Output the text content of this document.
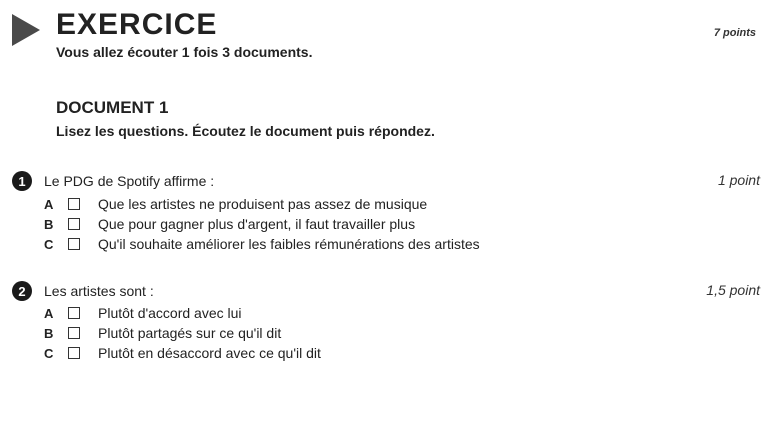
EXERCICE
Vous allez écouter 1 fois 3 documents.
7 points
DOCUMENT 1
Lisez les questions. Écoutez le document puis répondez.
1	Le PDG de Spotify affirme :	1 point
A	Que les artistes ne produisent pas assez de musique
B	Que pour gagner plus d'argent, il faut travailler plus
C	Qu'il souhaite améliorer les faibles rémunérations des artistes
2	Les artistes sont :	1,5 point
A	Plutôt d'accord avec lui
B	Plutôt partagés sur ce qu'il dit
C	Plutôt en désaccord avec ce qu'il dit
